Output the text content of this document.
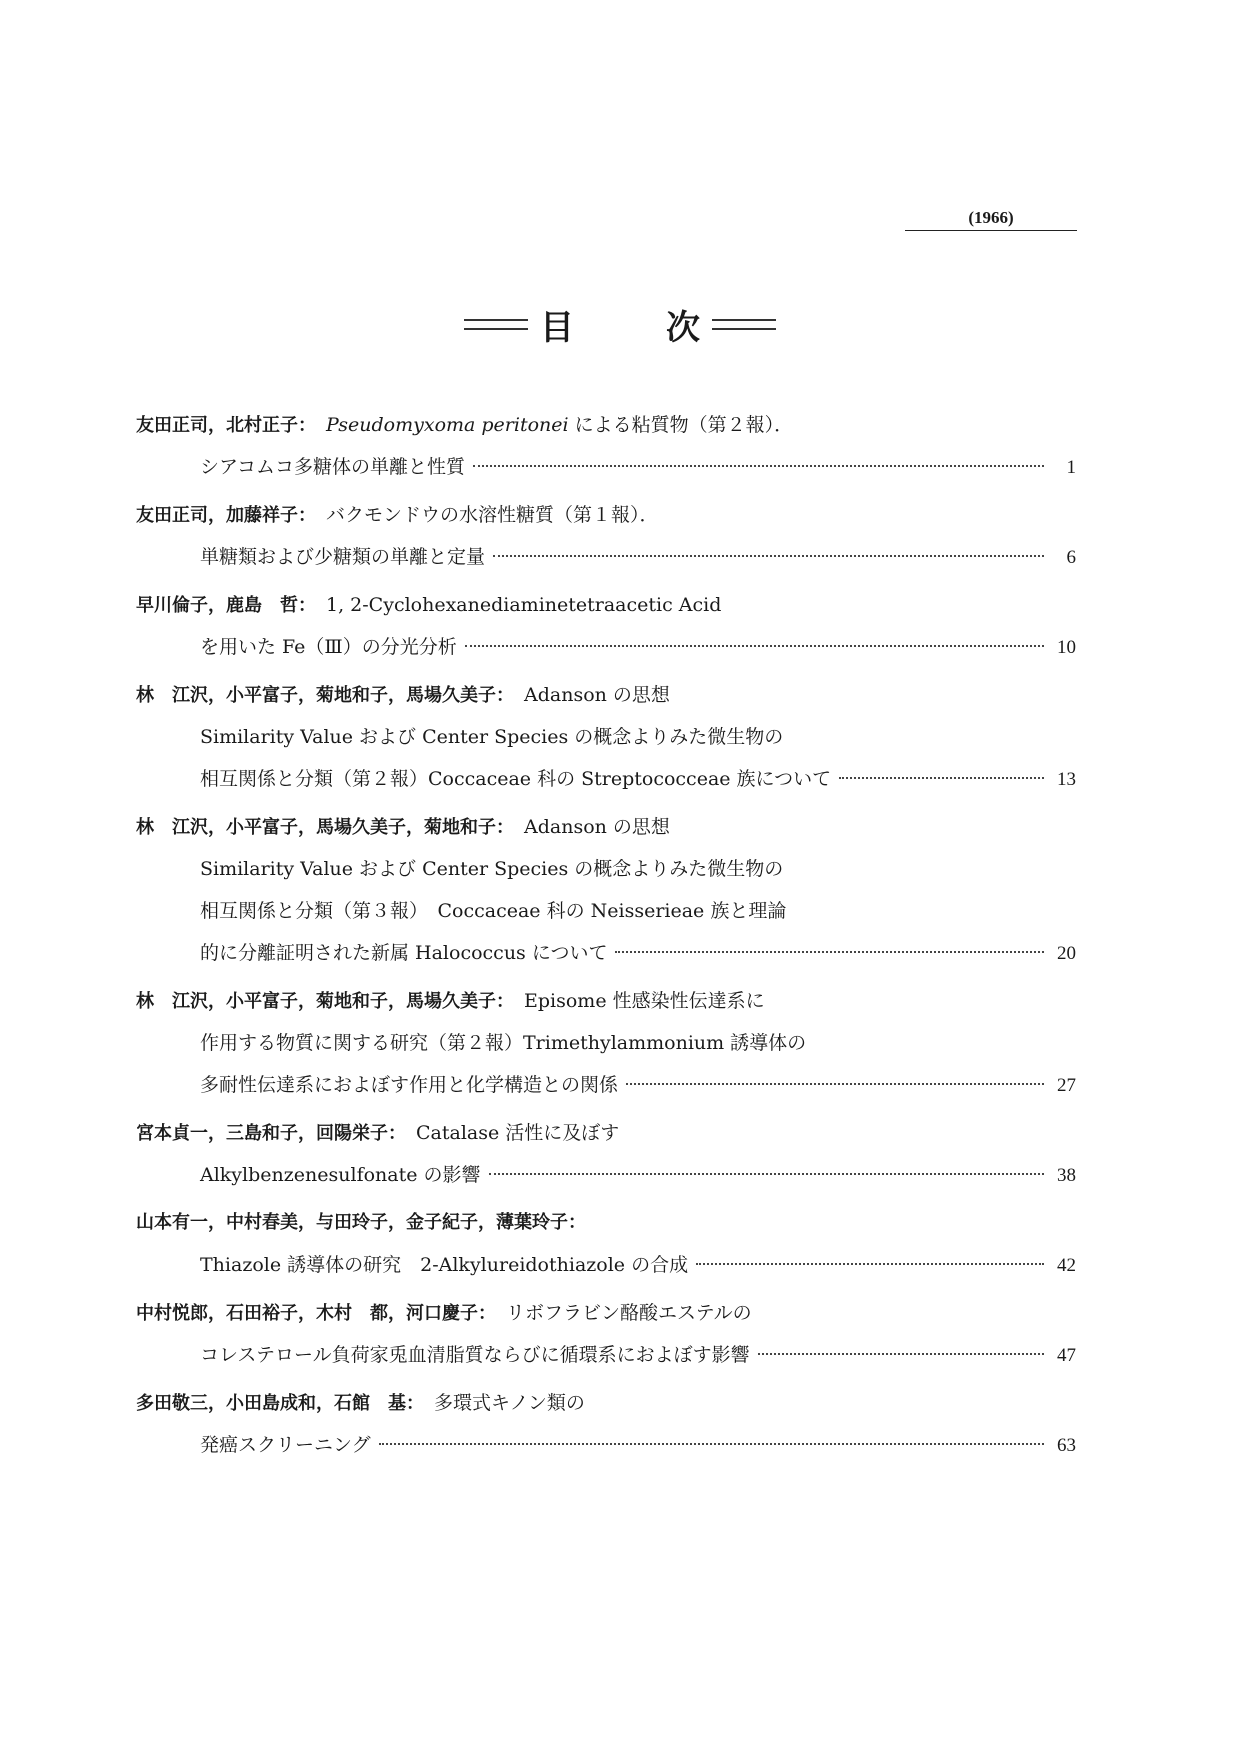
(1966)
目	次
友田正司，北村正子： Pseudomyxoma peritonei
による粘質物（第２報）．
シアコムコ多糖体の単離と性質	1
友田正司，加藤祥子： バクモンドウの水溶性糖質（第１報）．
単糖類および少糖類の単離と定量	6
早川倫子，鹿島　哲： 1, 2-Cyclohexanediaminetetraacetic Acid
を用いた Fe（Ⅲ）の分光分析	10
林　江沢，小平富子，菊地和子，馬場久美子： Adanson の思想
Similarity Value および Center Species の概念よりみた微生物の
相互関係と分類（第２報）Coccaceae 科の Streptococceae 族について	13
林　江沢，小平富子，馬場久美子，菊地和子： Adanson の思想
Similarity Value および Center Species の概念よりみた微生物の
相互関係と分類（第３報）　Coccaceae 科の Neisserieae 族と理論
的に分離証明された新属 Halococcus について	20
林　江沢，小平富子，菊地和子，馬場久美子： Episome 性感染性伝達系に
作用する物質に関する研究（第２報）Trimethylammonium 誘導体の
多耐性伝達系におよぼす作用と化学構造との関係	27
宮本貞一，三島和子，回陽栄子： Catalase 活性に及ぼす
Alkylbenzenesulfonate の影響	38
山本有一，中村春美，与田玲子，金子紀子，薄葉玲子：
Thiazole 誘導体の研究　2-Alkylureidothiazole の合成	42
中村悦郎，石田裕子，木村　都，河口慶子： リボフラビン酪酸エステルの
コレステロール負荷家兎血清脂質ならびに循環系におよぼす影響	47
多田敬三，小田島成和，石館　基： 多環式キノン類の
発癌スクリーニング	63
